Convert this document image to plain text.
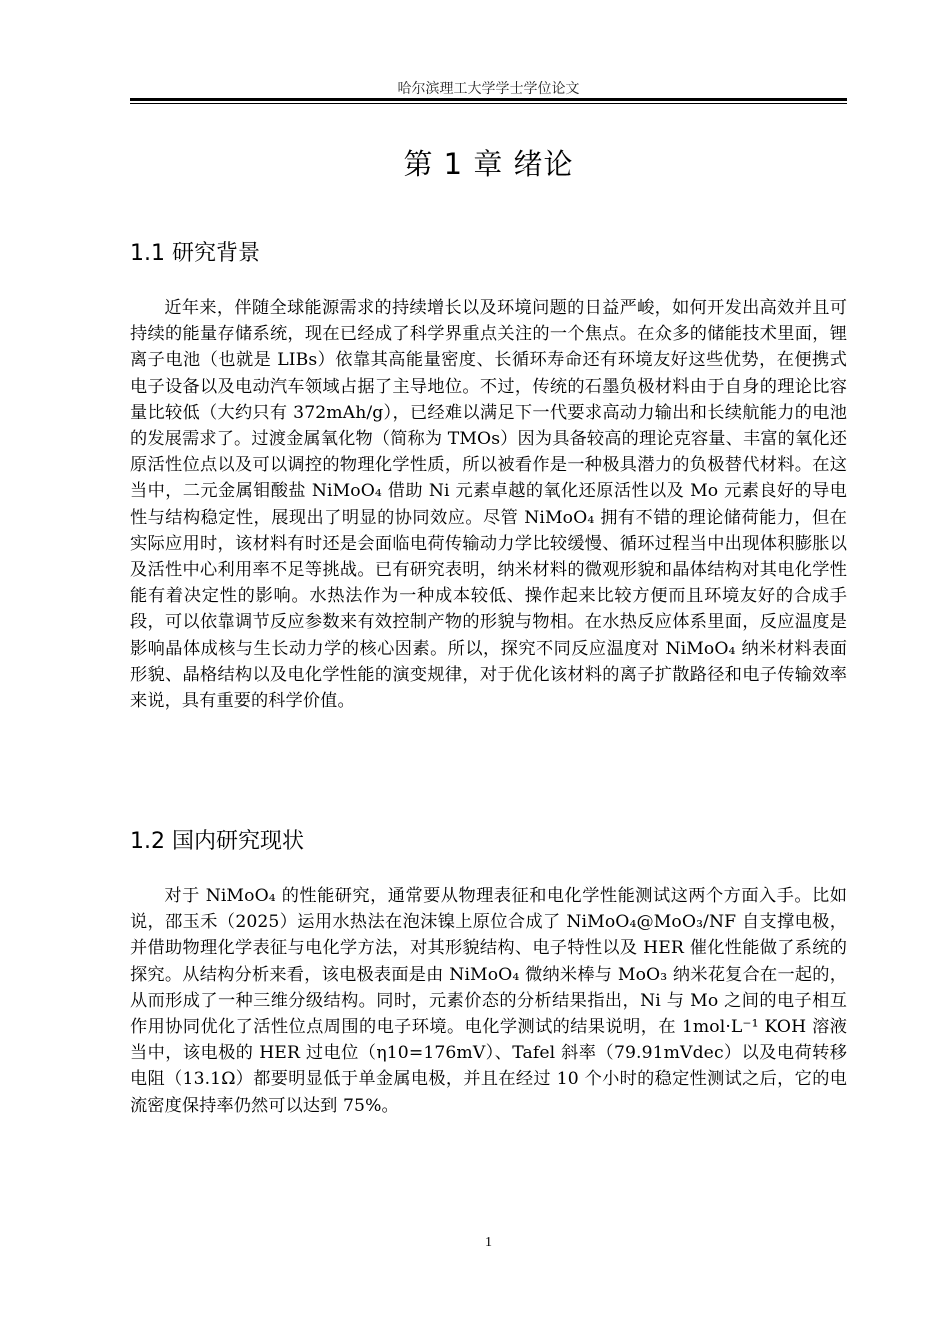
哈尔滨理工大学学士学位论文
第 1 章 绪论
1.1 研究背景

近年来，伴随全球能源需求的持续增长以及环境问题的日益严峻，如何开发出高效并且可持续的能量存储系统，现在已经成了科学界重点关注的一个焦点。在众多的储能技术里面，锂离子电池（也就是 LIBs）依靠其高能量密度、长循环寿命还有环境友好这些优势，在便携式电子设备以及电动汽车领域占据了主导地位。不过，传统的石墨负极材料由于自身的理论比容量比较低（大约只有 372mAh/g），已经难以满足下一代要求高动力输出和长续航能力的电池的发展需求了。过渡金属氧化物（简称为 TMOs）因为具备较高的理论克容量、丰富的氧化还原活性位点以及可以调控的物理化学性质，所以被看作是一种极具潜力的负极替代材料。在这当中，二元金属钼酸盐 NiMoO₄ 借助 Ni 元素卓越的氧化还原活性以及 Mo 元素良好的导电性与结构稳定性，展现出了明显的协同效应。尽管 NiMoO₄ 拥有不错的理论储荷能力，但在实际应用时，该材料有时还是会面临电荷传输动力学比较缓慢、循环过程当中出现体积膨胀以及活性中心利用率不足等挑战。已有研究表明，纳米材料的微观形貌和晶体结构对其电化学性能有着决定性的影响。水热法作为一种成本较低、操作起来比较方便而且环境友好的合成手段，可以依靠调节反应参数来有效控制产物的形貌与物相。在水热反应体系里面，反应温度是影响晶体成核与生长动力学的核心因素。所以，探究不同反应温度对 NiMoO₄ 纳米材料表面形貌、晶格结构以及电化学性能的演变规律，对于优化该材料的离子扩散路径和电子传输效率来说，具有重要的科学价值。

1.2 国内研究现状

对于 NiMoO₄ 的性能研究，通常要从物理表征和电化学性能测试这两个方面入手。比如说，邵玉禾（2025）运用水热法在泡沫镍上原位合成了 NiMoO₄@MoO₃/NF 自支撑电极，并借助物理化学表征与电化学方法，对其形貌结构、电子特性以及 HER 催化性能做了系统的探究。从结构分析来看，该电极表面是由 NiMoO₄ 微纳米棒与 MoO₃ 纳米花复合在一起的，从而形成了一种三维分级结构。同时，元素价态的分析结果指出，Ni 与 Mo 之间的电子相互作用协同优化了活性位点周围的电子环境。电化学测试的结果说明，在 1mol·L⁻¹ KOH 溶液当中，该电极的 HER 过电位（η10=176mV）、Tafel 斜率（79.91mVdec）以及电荷转移电阻（13.1Ω）都要明显低于单金属电极，并且在经过 10 个小时的稳定性测试之后，它的电流密度保持率仍然可以达到 75%。

1
